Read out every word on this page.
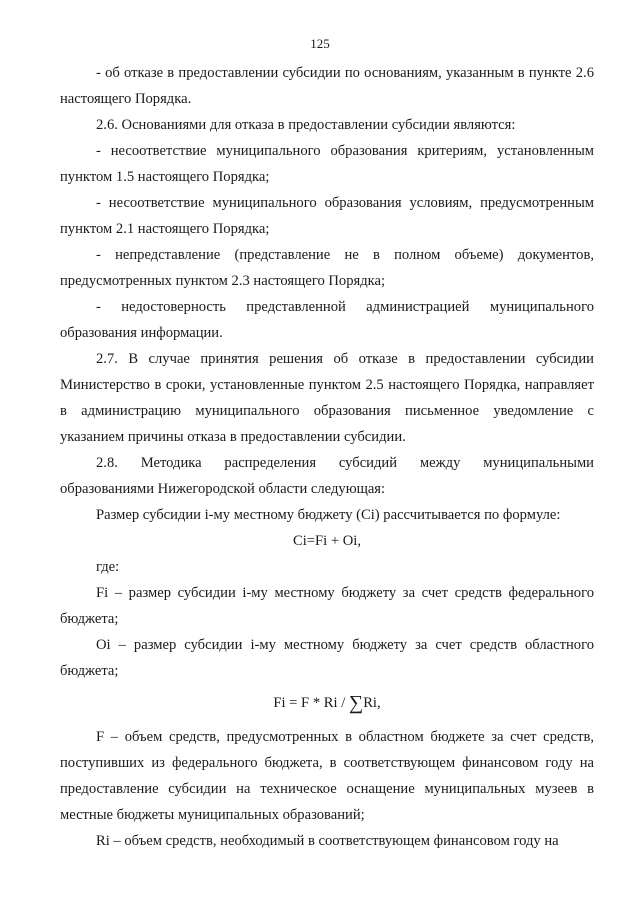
125

- об отказе в предоставлении субсидии по основаниям, указанным в пункте 2.6 настоящего Порядка.

2.6. Основаниями для отказа в предоставлении субсидии являются:

- несоответствие муниципального образования критериям, установленным пунктом 1.5 настоящего Порядка;

- несоответствие муниципального образования условиям, предусмотренным пунктом 2.1 настоящего Порядка;

- непредставление (представление не в полном объеме) документов, предусмотренных пунктом 2.3 настоящего Порядка;

- недостоверность представленной администрацией муниципального образования информации.

2.7. В случае принятия решения об отказе в предоставлении субсидии Министерство в сроки, установленные пунктом 2.5 настоящего Порядка, направляет в администрацию муниципального образования письменное уведомление с указанием причины отказа в предоставлении субсидии.

2.8. Методика распределения субсидий между муниципальными образованиями Нижегородской области следующая:

Размер субсидии i-му местному бюджету (Ci) рассчитывается по формуле:

Ci=Fi + Oi,

где:

Fi – размер субсидии i-му местному бюджету за счет средств федерального бюджета;

Oi – размер субсидии i-му местному бюджету за счет средств областного бюджета;

Fi = F * Ri / ∑Ri,

F – объем средств, предусмотренных в областном бюджете за счет средств, поступивших из федерального бюджета, в соответствующем финансовом году на предоставление субсидии на техническое оснащение муниципальных музеев в местные бюджеты муниципальных образований;

Ri – объем средств, необходимый в соответствующем финансовом году на
